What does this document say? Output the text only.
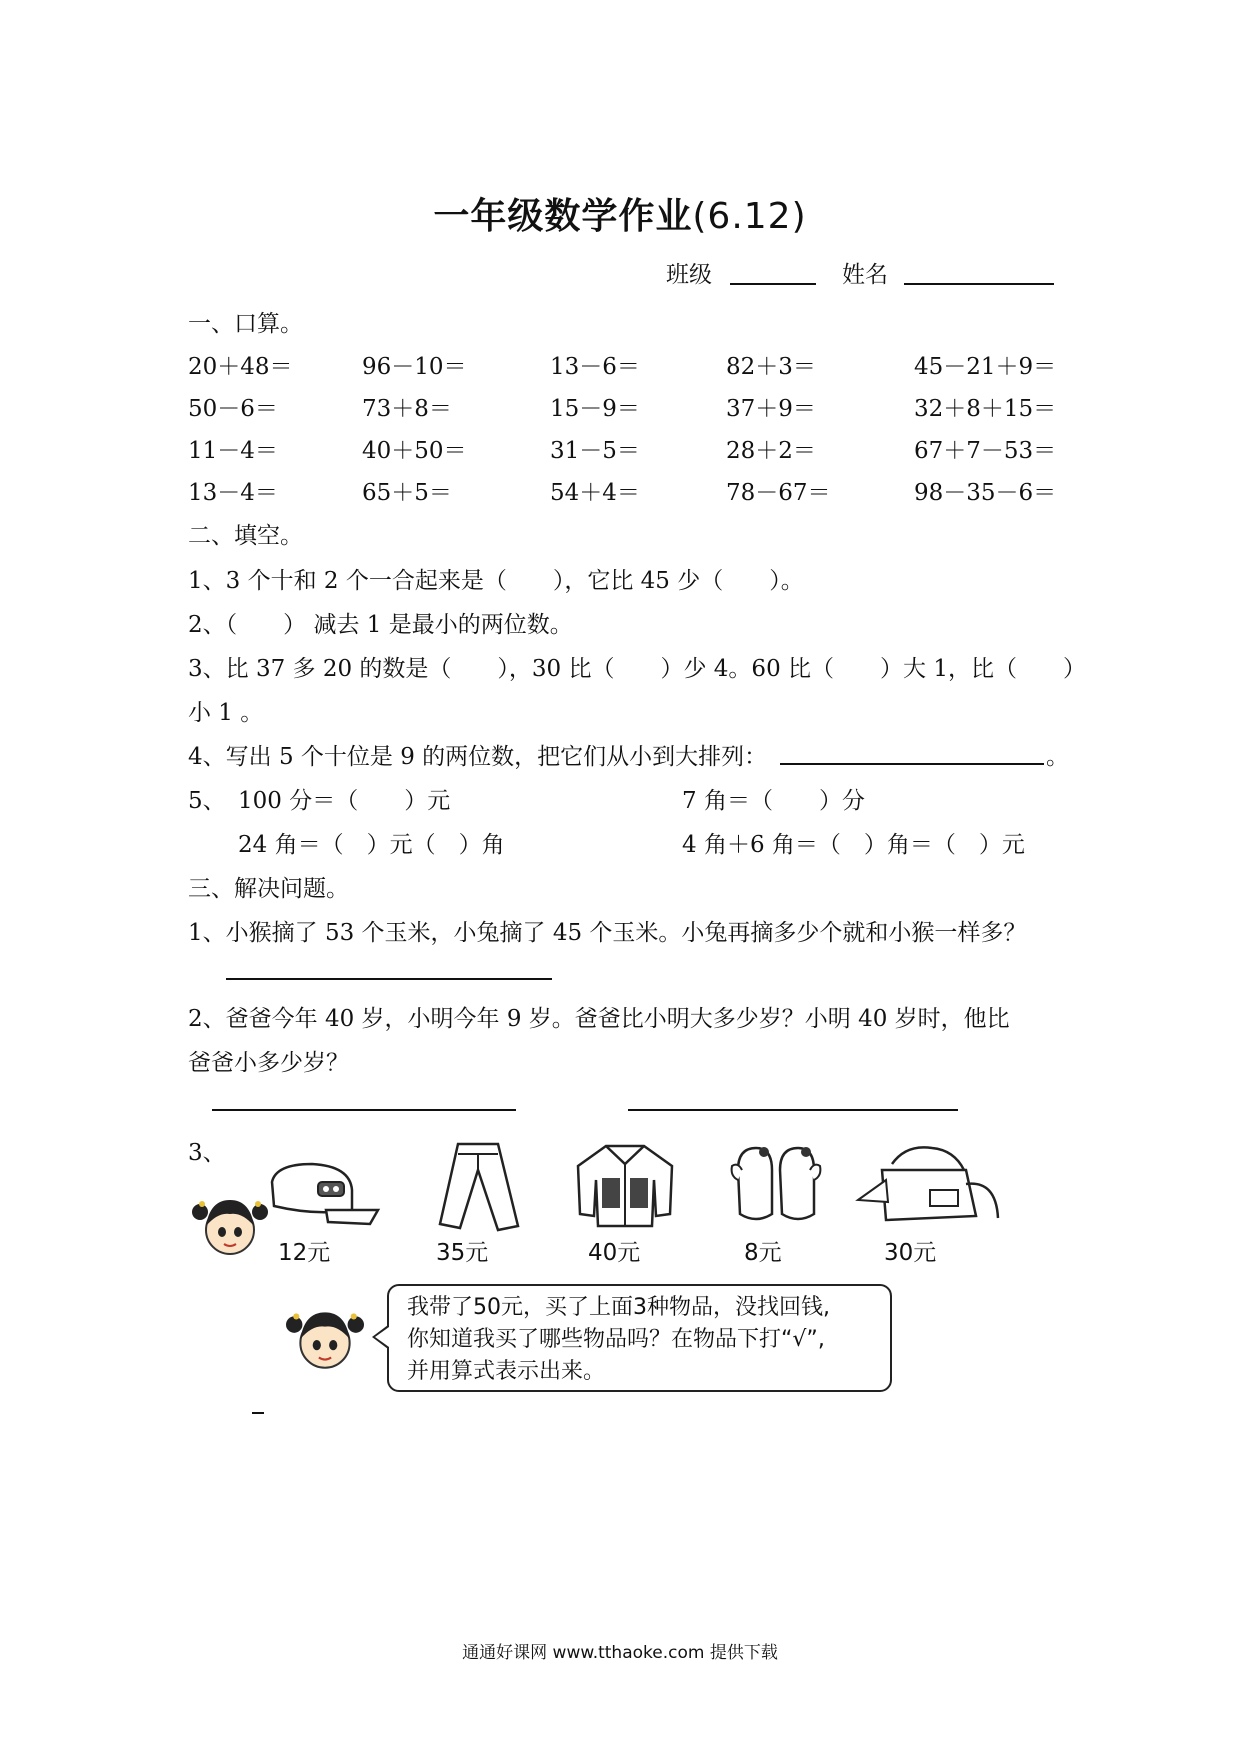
一年级数学作业(6.12)
班级	姓名
一、口算。
20＋48＝	96－10＝	13－6＝	82＋3＝	45－21＋9＝
50－6＝	73＋8＝	15－9＝	37＋9＝	32＋8＋15＝
11－4＝	40＋50＝	31－5＝	28＋2＝	67＋7－53＝
13－4＝	65＋5＝	54＋4＝	78－67＝	98－35－6＝
二、填空。
1、3 个十和 2 个一合起来是（　　），它比 45 少（　　）。
2、（　　） 减去 1 是最小的两位数。
3、比 37 多 20 的数是（　　），30 比（　　）少 4。60 比（　　）大 1，比（　　）
小 1 。
4、写出 5 个十位是 9 的两位数，把它们从小到大排列：	。
5、 100 分＝（　　）元	7 角＝（　　）分
24 角＝（　）元（　）角	4 角＋6 角＝（　）角＝（　）元
三、解决问题。
1、小猴摘了 53 个玉米，小兔摘了 45 个玉米。小兔再摘多少个就和小猴一样多？
2、爸爸今年 40 岁，小明今年 9 岁。爸爸比小明大多少岁？小明 40 岁时，他比
爸爸小多少岁？
3、
12元	35元	40元	8元	30元
我带了50元，买了上面3种物品，没找回钱,
你知道我买了哪些物品吗？在物品下打“√”,
并用算式表示出来。
通通好课网 www.tthaoke.com 提供下载
